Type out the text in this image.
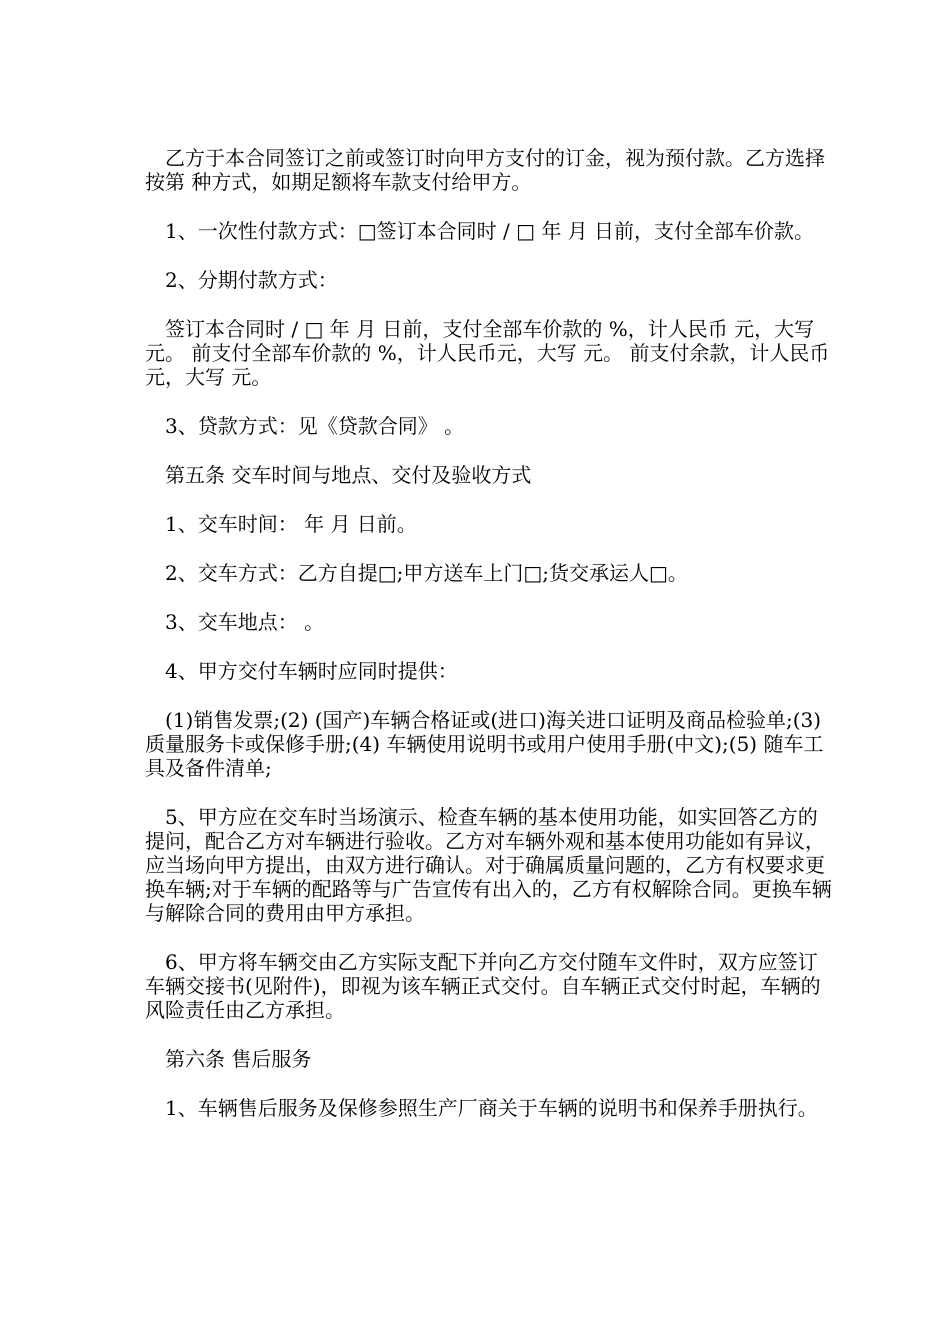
乙方于本合同签订之前或签订时向甲方支付的订金，视为预付款。乙方选择按第 种方式，如期足额将车款支付给甲方。

1、一次性付款方式：□签订本合同时 / □ 年 月 日前，支付全部车价款。

2、分期付款方式：

签订本合同时 / □ 年 月 日前，支付全部车价款的 %，计人民币 元，大写 元。 前支付全部车价款的 %，计人民币元，大写 元。 前支付余款，计人民币 元，大写 元。

3、贷款方式：见《贷款合同》 。

第五条 交车时间与地点、交付及验收方式

1、交车时间： 年 月 日前。

2、交车方式：乙方自提□;甲方送车上门□;货交承运人□。

3、交车地点： 。

4、甲方交付车辆时应同时提供：

(1)销售发票;(2) (国产)车辆合格证或(进口)海关进口证明及商品检验单;(3) 质量服务卡或保修手册;(4) 车辆使用说明书或用户使用手册(中文);(5) 随车工具及备件清单;

5、甲方应在交车时当场演示、检查车辆的基本使用功能，如实回答乙方的提问，配合乙方对车辆进行验收。乙方对车辆外观和基本使用功能如有异议，应当场向甲方提出，由双方进行确认。对于确属质量问题的，乙方有权要求更换车辆;对于车辆的配路等与广告宣传有出入的，乙方有权解除合同。更换车辆与解除合同的费用由甲方承担。

6、甲方将车辆交由乙方实际支配下并向乙方交付随车文件时，双方应签订车辆交接书(见附件)，即视为该车辆正式交付。自车辆正式交付时起，车辆的风险责任由乙方承担。

第六条 售后服务

1、车辆售后服务及保修参照生产厂商关于车辆的说明书和保养手册执行。
